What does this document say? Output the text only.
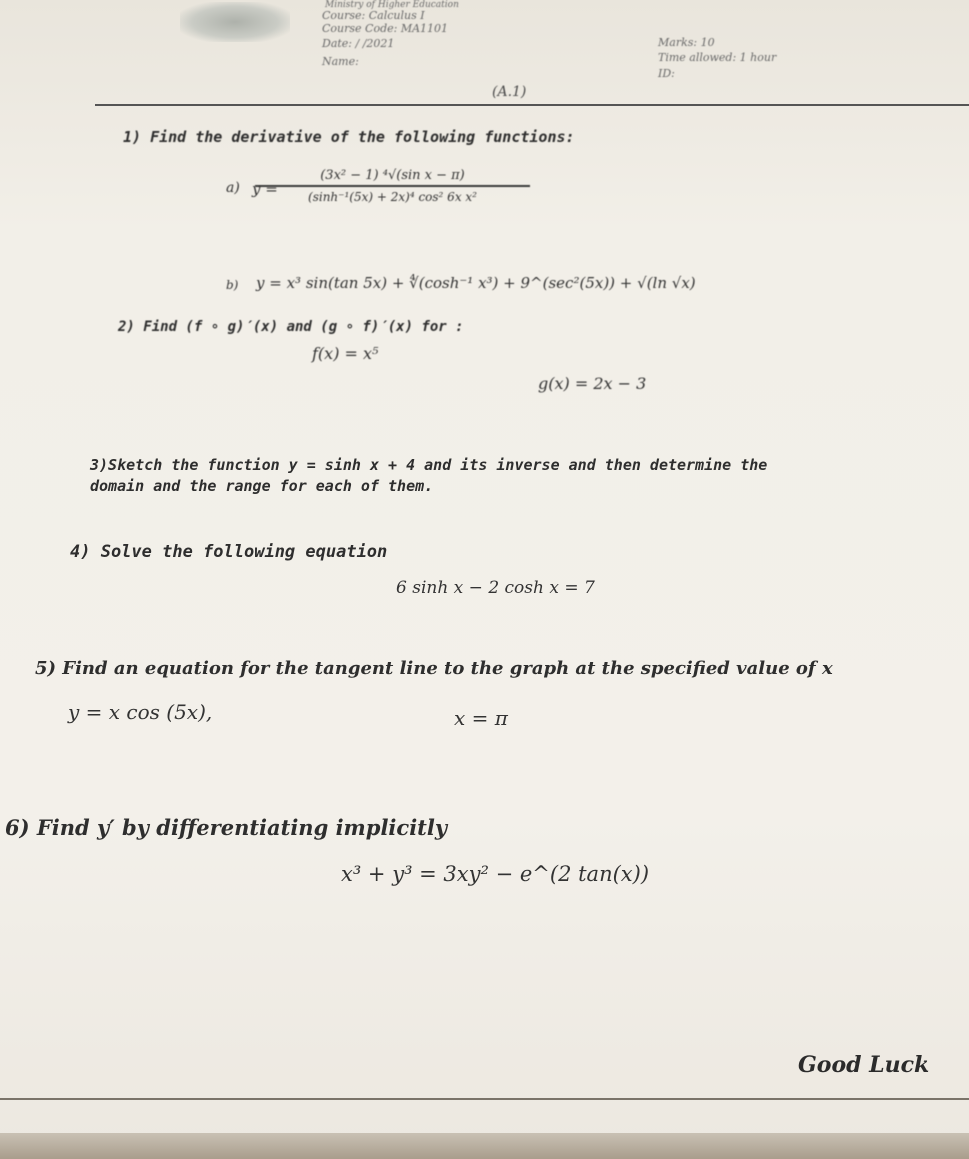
Ministry of Higher Education
Course: Calculus I
Course Code: MA1101
Date: / /2021
Name:
Marks: 10
Time allowed: 1 hour
ID:
(A.1)
1) Find the derivative of the following functions:
a) y =
(3x² − 1) ⁴√(sin x − π)
(sinh⁻¹(5x) + 2x)⁴ cos² 6x x²
b) y = x³ sin(tan 5x) + ∜(cosh⁻¹ x³) + 9^(sec²(5x)) + √(ln √x)
2) Find (f ∘ g)′(x) and (g ∘ f)′(x) for :
f(x) = x⁵
g(x) = 2x − 3
3)Sketch the function y = sinh x + 4 and its inverse and then determine the
domain and the range for each of them.
4) Solve the following equation
6 sinh x − 2 cosh x = 7
5) Find an equation for the tangent line to the graph at the specified value of x
y = x cos (5x),	x = π
6) Find y′ by differentiating implicitly
x³ + y³ = 3xy² − e^(2 tan(x))
Good Luck
